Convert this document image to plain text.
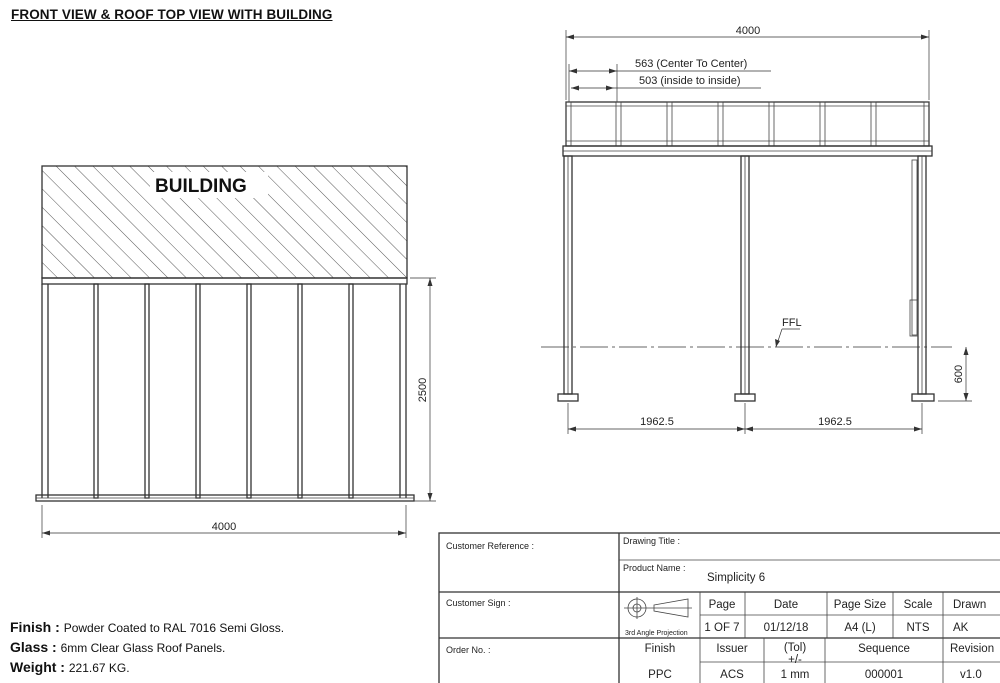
FRONT VIEW & ROOF TOP VIEW WITH BUILDING
BUILDING
4000
2500
4000
563 (Center To Center)
503 (inside to inside)
FFL
600
1962.5	1962.5
Customer Reference :
Customer Sign :
Order No. :
Drawing Title :
Product Name :
Simplicity 6
3rd Angle Projection
Page
1 OF 7
Date
01/12/18
Page Size
A4 (L)
Scale
NTS
Drawn
AK
Finish
PPC
Issuer
ACS
(Tol)
+/-
1 mm
Sequence
000001
Revision
v1.0
Finish : Powder Coated to RAL 7016 Semi Gloss.
Glass : 6mm Clear Glass Roof Panels.
Weight : 221.67 KG.
